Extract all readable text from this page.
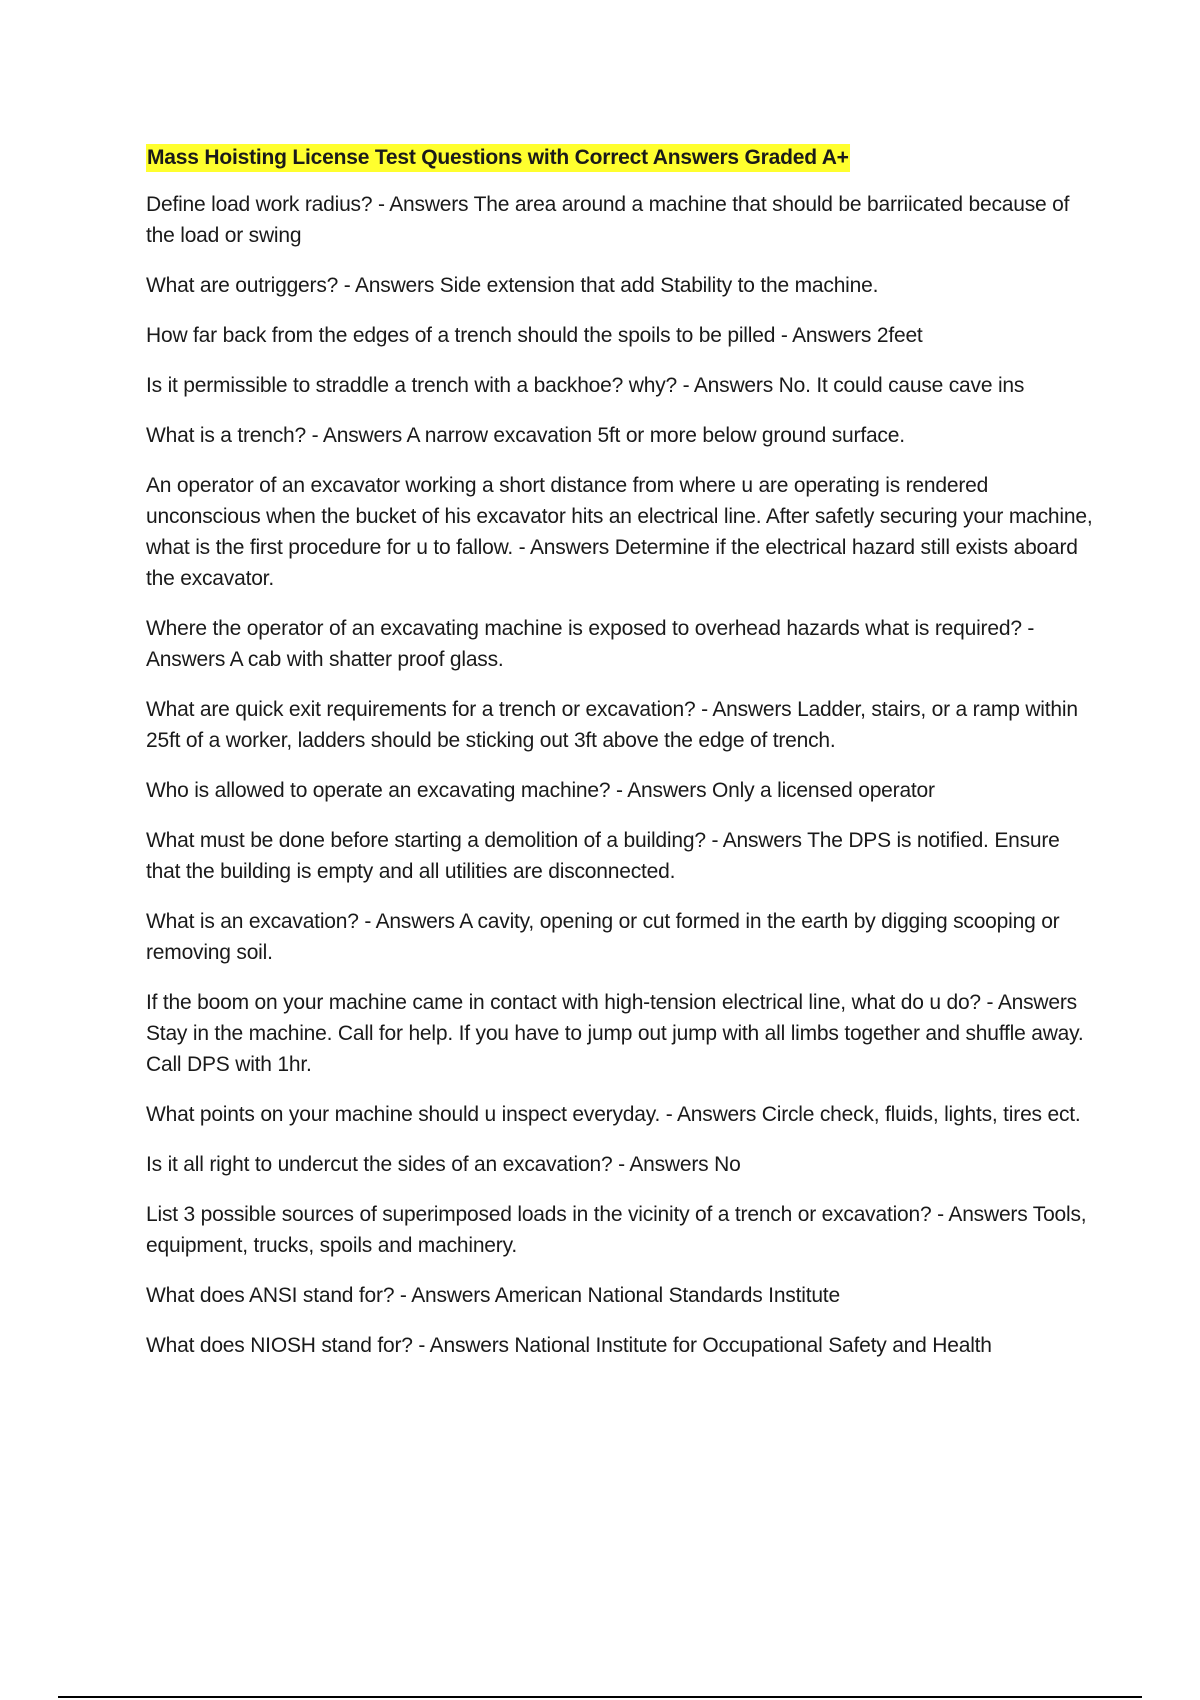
Mass Hoisting License Test Questions with Correct Answers Graded A+

Define load work radius? - Answers The area around a machine that should be barriicated because of the load or swing

What are outriggers? - Answers Side extension that add Stability to the machine.

How far back from the edges of a trench should the spoils to be pilled - Answers 2feet

Is it permissible to straddle a trench with a backhoe? why? - Answers No. It could cause cave ins

What is a trench? - Answers A narrow excavation 5ft or more below ground surface.

An operator of an excavator working a short distance from where u are operating is rendered unconscious when the bucket of his excavator hits an electrical line. After safetly securing your machine, what is the first procedure for u to fallow. - Answers Determine if the electrical hazard still exists aboard the excavator.

Where the operator of an excavating machine is exposed to overhead hazards what is required? - Answers A cab with shatter proof glass.

What are quick exit requirements for a trench or excavation? - Answers Ladder, stairs, or a ramp within 25ft of a worker, ladders should be sticking out 3ft above the edge of trench.

Who is allowed to operate an excavating machine? - Answers Only a licensed operator

What must be done before starting a demolition of a building? - Answers The DPS is notified. Ensure that the building is empty and all utilities are disconnected.

What is an excavation? - Answers A cavity, opening or cut formed in the earth by digging scooping or removing soil.

If the boom on your machine came in contact with high-tension electrical line, what do u do? - Answers Stay in the machine. Call for help. If you have to jump out jump with all limbs together and shuffle away. Call DPS with 1hr.

What points on your machine should u inspect everyday. - Answers Circle check, fluids, lights, tires ect.

Is it all right to undercut the sides of an excavation? - Answers No

List 3 possible sources of superimposed loads in the vicinity of a trench or excavation? - Answers Tools, equipment, trucks, spoils and machinery.

What does ANSI stand for? - Answers American National Standards Institute

What does NIOSH stand for? - Answers National Institute for Occupational Safety and Health
